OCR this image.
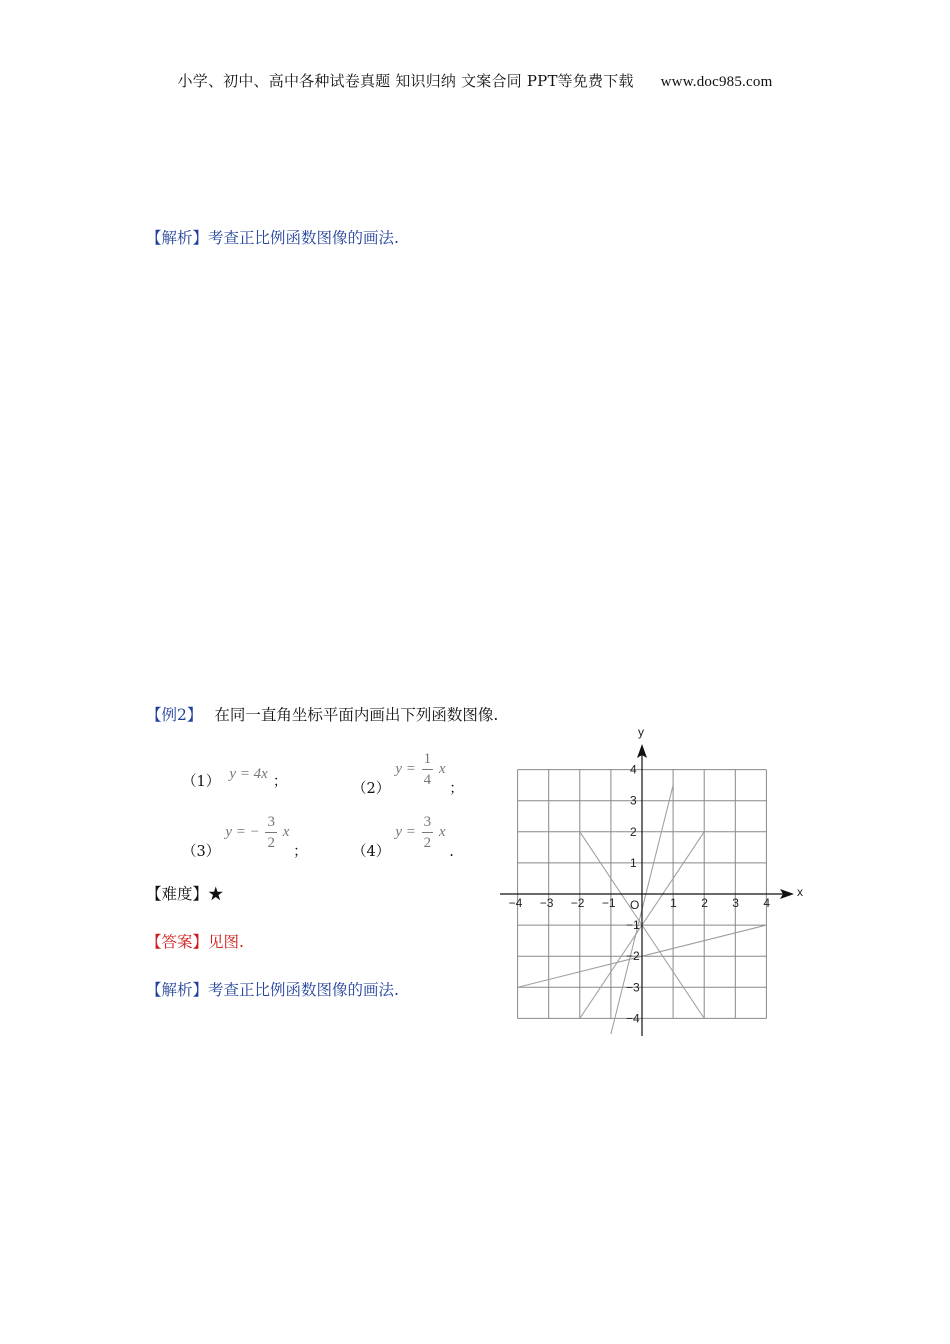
小学、初中、高中各种试卷真题 知识归纳 文案合同 PPT等免费下载 www.doc985.com
【解析】考查正比例函数图像的画法.
【例2】 在同一直角坐标平面内画出下列函数图像.
（1） y = 4x ；	（2） $y = \frac{1}{4}$ x ；
（3） y = − $\frac{3}{2}$ x ；	（4） $y = \frac{3}{2}$ x .
【难度】★
【答案】见图.
【解析】考查正比例函数图像的画法.
−4 −3 −2 −1	1 2 3 4
4
3
2
1
−1
−2
−3
−4
x
y
O
